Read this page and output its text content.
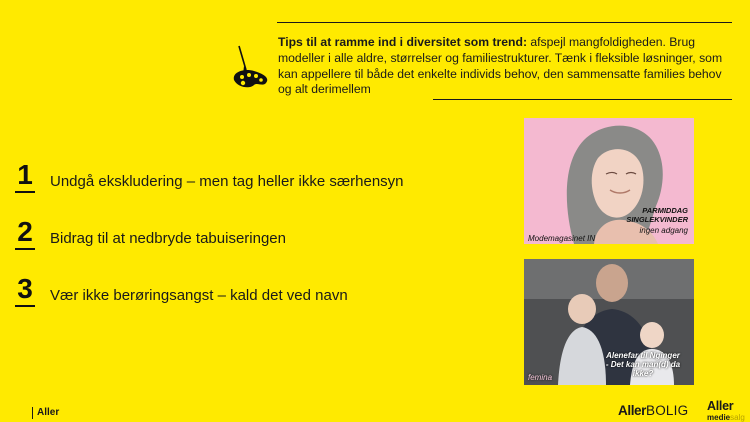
Tips til at ramme ind i diversitet som trend: afspejl mangfoldigheden. Brug modeller i alle aldre, størrelser og familiestrukturer. Tænk i fleksible løsninger, som kan appellere til både det enkelte individs behov, den sammensatte families behov og alt derimellem
1 Undgå ekskludering – men tag heller ikke særhensyn
2 Bidrag til at nedbryde tabuiseringen
3 Vær ikke berøringsangst – kald det ved navn
PARMIDDAG
SINGLEKVINDER
ingen adgang
Modemagasinet IN
Alenefar til Nginger
- Det kan man(d) da
ikke?
femina
Aller	AllerBOLIG Aller
mediesalg
